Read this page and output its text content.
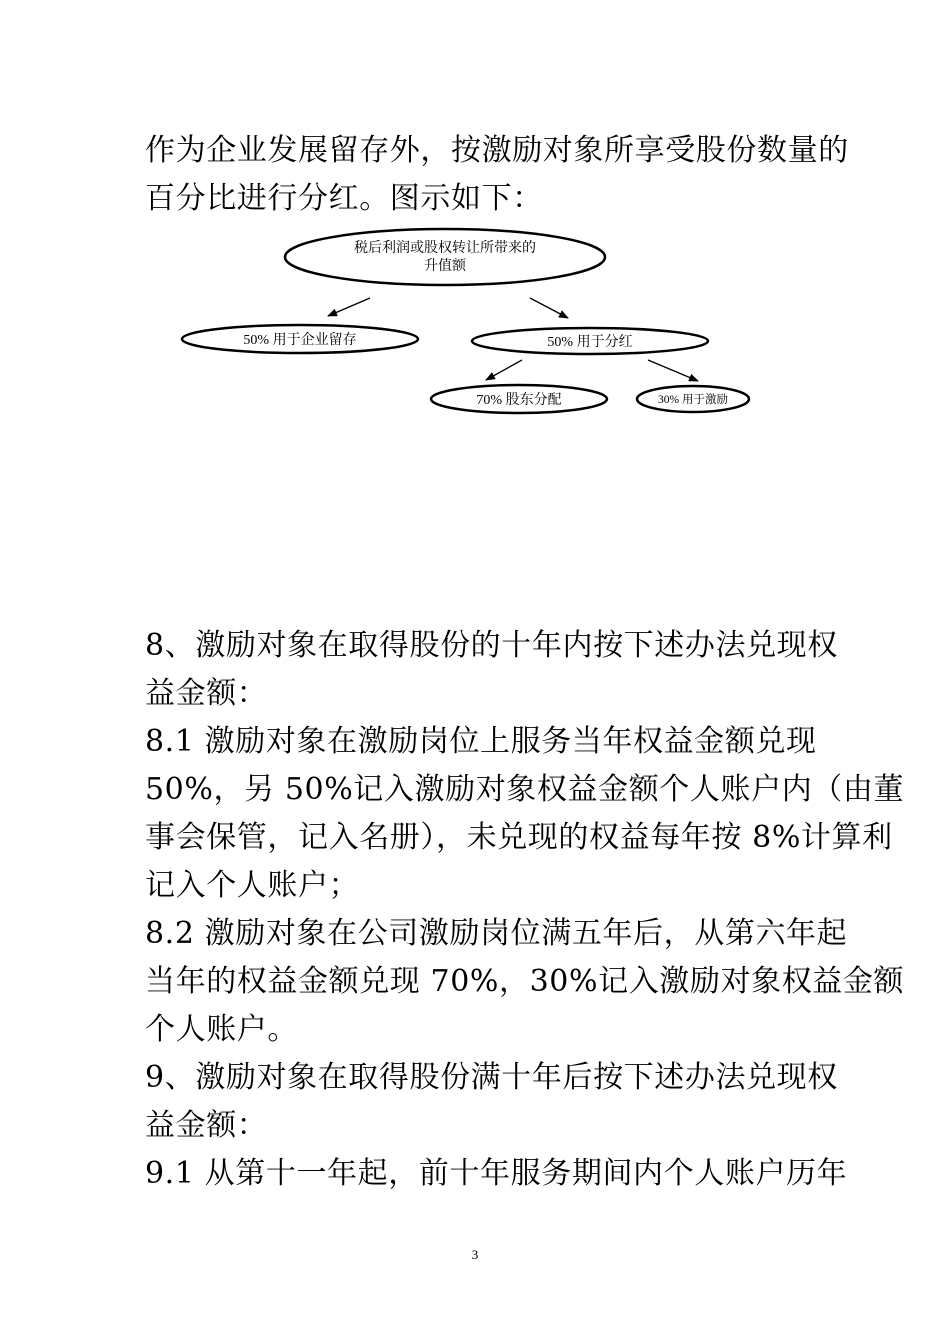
作为企业发展留存外，按激励对象所享受股份数量的
百分比进行分红。图示如下：
税后利润或股权转让所带来的
升值额
50% 用于企业留存	50% 用于分红
70% 股东分配	30% 用于激励
8、激励对象在取得股份的十年内按下述办法兑现权
益金额：
8.1 激励对象在激励岗位上服务当年权益金额兑现
50%，另 50%记入激励对象权益金额个人账户内（由董
事会保管，记入名册），未兑现的权益每年按 8%计算利
记入个人账户；
8.2 激励对象在公司激励岗位满五年后，从第六年起
当年的权益金额兑现 70%，30%记入激励对象权益金额
个人账户。
9、激励对象在取得股份满十年后按下述办法兑现权
益金额：
9.1 从第十一年起，前十年服务期间内个人账户历年
3
